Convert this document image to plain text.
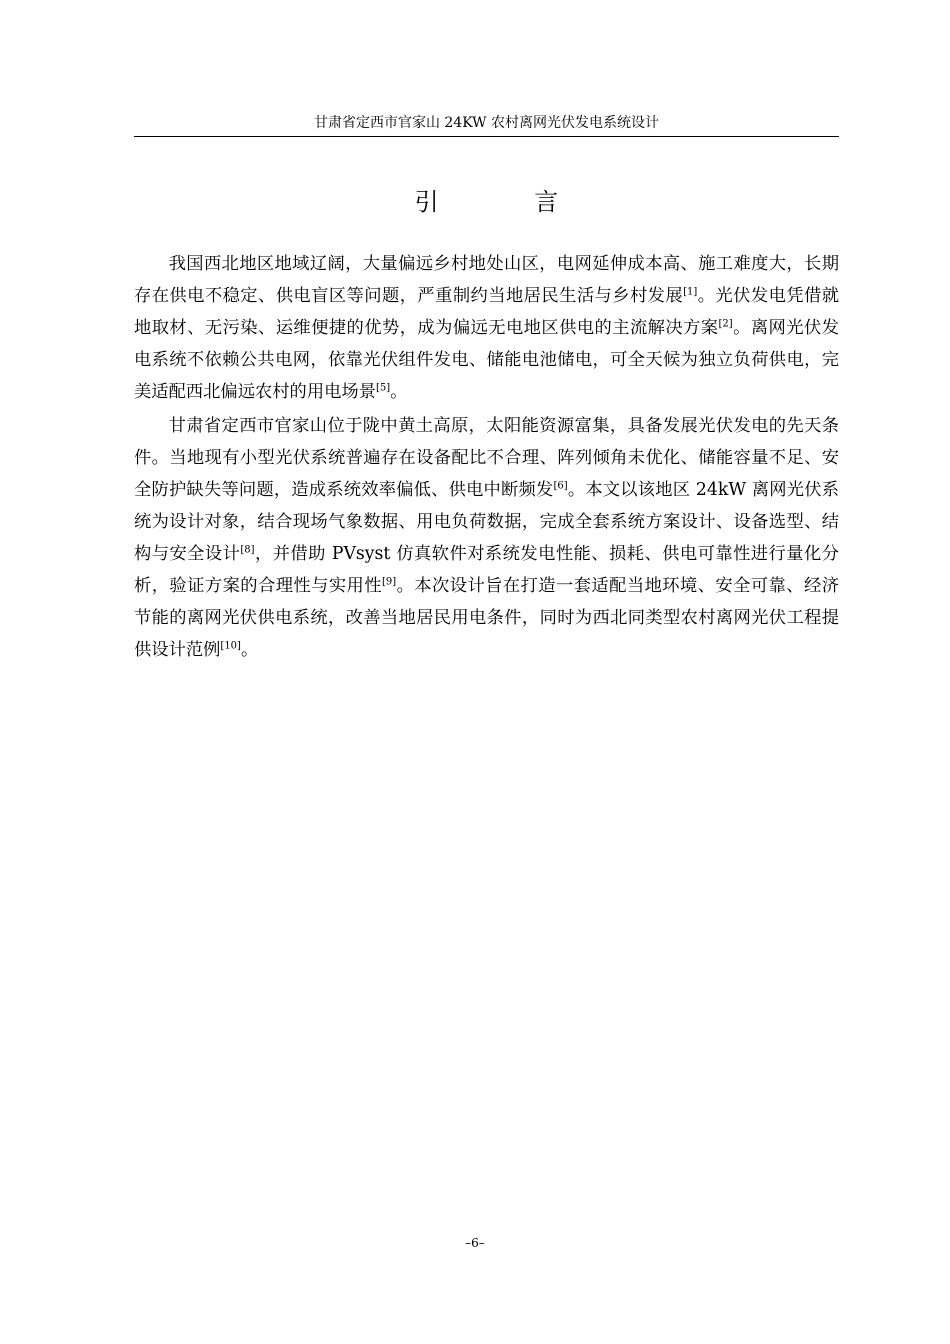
甘肃省定西市官家山 24KW 农村离网光伏发电系统设计
引 言

我国西北地区地域辽阔，大量偏远乡村地处山区，电网延伸成本高、施工难度大，长期存在供电不稳定、供电盲区等问题，严重制约当地居民生活与乡村发展[1]。光伏发电凭借就地取材、无污染、运维便捷的优势，成为偏远无电地区供电的主流解决方案[2]。离网光伏发电系统不依赖公共电网，依靠光伏组件发电、储能电池储电，可全天候为独立负荷供电，完美适配西北偏远农村的用电场景[5]。

甘肃省定西市官家山位于陇中黄土高原，太阳能资源富集，具备发展光伏发电的先天条件。当地现有小型光伏系统普遍存在设备配比不合理、阵列倾角未优化、储能容量不足、安全防护缺失等问题，造成系统效率偏低、供电中断频发[6]。本文以该地区 24kW 离网光伏系统为设计对象，结合现场气象数据、用电负荷数据，完成全套系统方案设计、设备选型、结构与安全设计[8]，并借助 PVsyst 仿真软件对系统发电性能、损耗、供电可靠性进行量化分析，验证方案的合理性与实用性[9]。本次设计旨在打造一套适配当地环境、安全可靠、经济节能的离网光伏供电系统，改善当地居民用电条件，同时为西北同类型农村离网光伏工程提供设计范例[10]。

–6–
